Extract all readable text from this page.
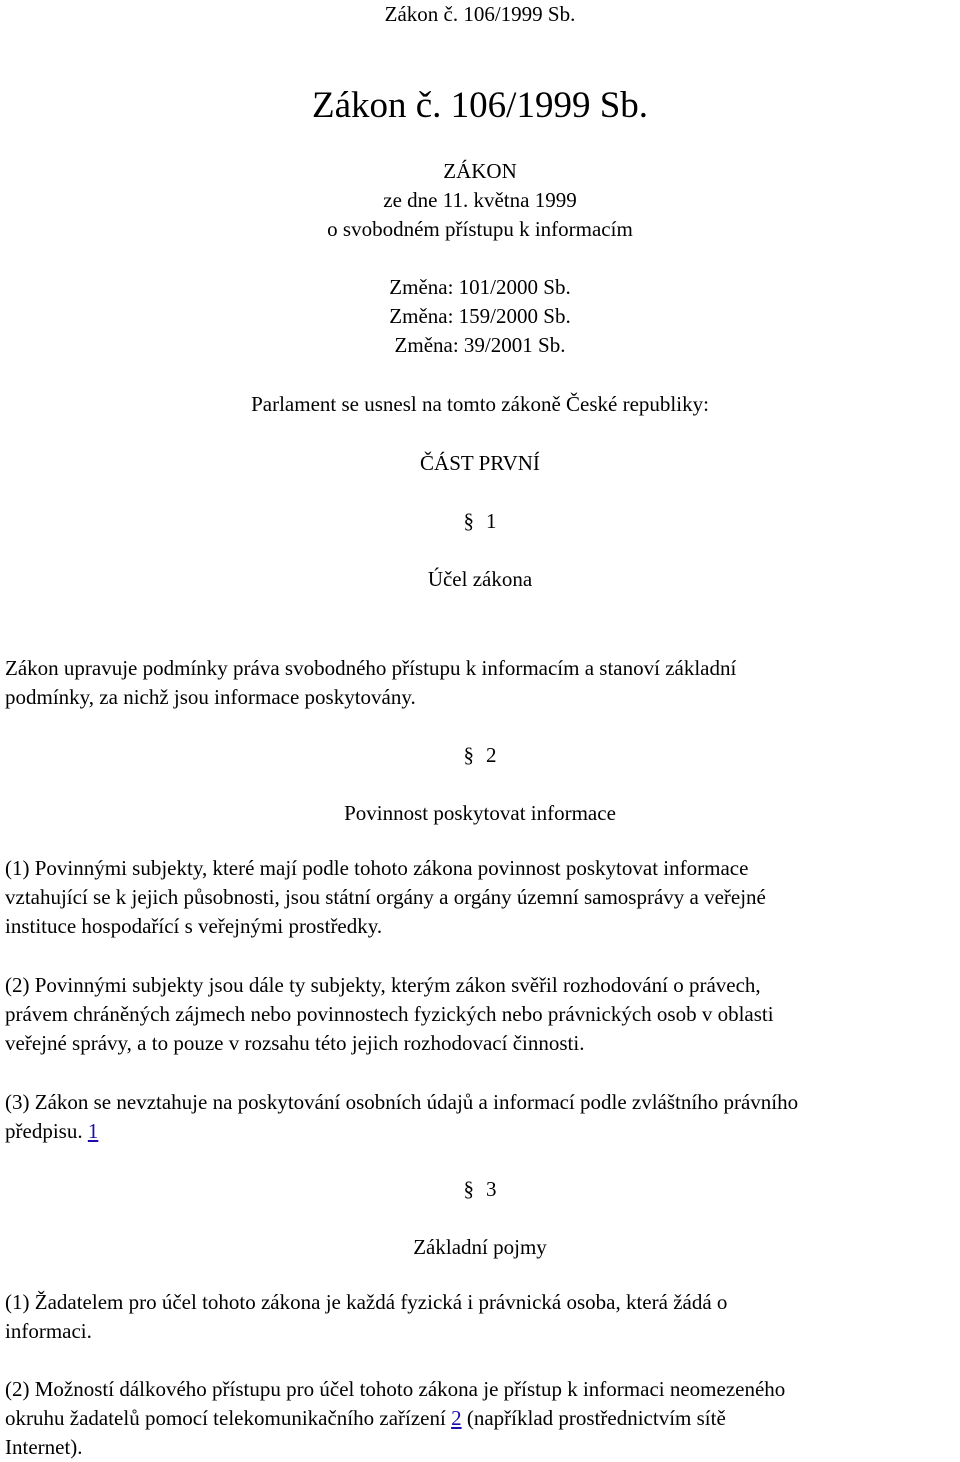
Zákon č. 106/1999 Sb.
Zákon č. 106/1999 Sb.
ZÁKON
ze dne 11. května 1999
o svobodném přístupu k informacím
Změna: 101/2000 Sb.
Změna: 159/2000 Sb.
Změna: 39/2001 Sb.
Parlament se usnesl na tomto zákoně České republiky:
ČÁST PRVNÍ
§ 1
Účel zákona
Zákon upravuje podmínky práva svobodného přístupu k informacím a stanoví základní
podmínky, za nichž jsou informace poskytovány.
§ 2
Povinnost poskytovat informace
(1) Povinnými subjekty, které mají podle tohoto zákona povinnost poskytovat informace
vztahující se k jejich působnosti, jsou státní orgány a orgány územní samosprávy a veřejné
instituce hospodařící s veřejnými prostředky.
(2) Povinnými subjekty jsou dále ty subjekty, kterým zákon svěřil rozhodování o právech,
právem chráněných zájmech nebo povinnostech fyzických nebo právnických osob v oblasti
veřejné správy, a to pouze v rozsahu této jejich rozhodovací činnosti.
(3) Zákon se nevztahuje na poskytování osobních údajů a informací podle zvláštního právního
předpisu. 1
§ 3
Základní pojmy
(1) Žadatelem pro účel tohoto zákona je každá fyzická i právnická osoba, která žádá o
informaci.
(2) Možností dálkového přístupu pro účel tohoto zákona je přístup k informaci neomezeného
okruhu žadatelů pomocí telekomunikačního zařízení 2 (například prostřednictvím sítě
Internet).
